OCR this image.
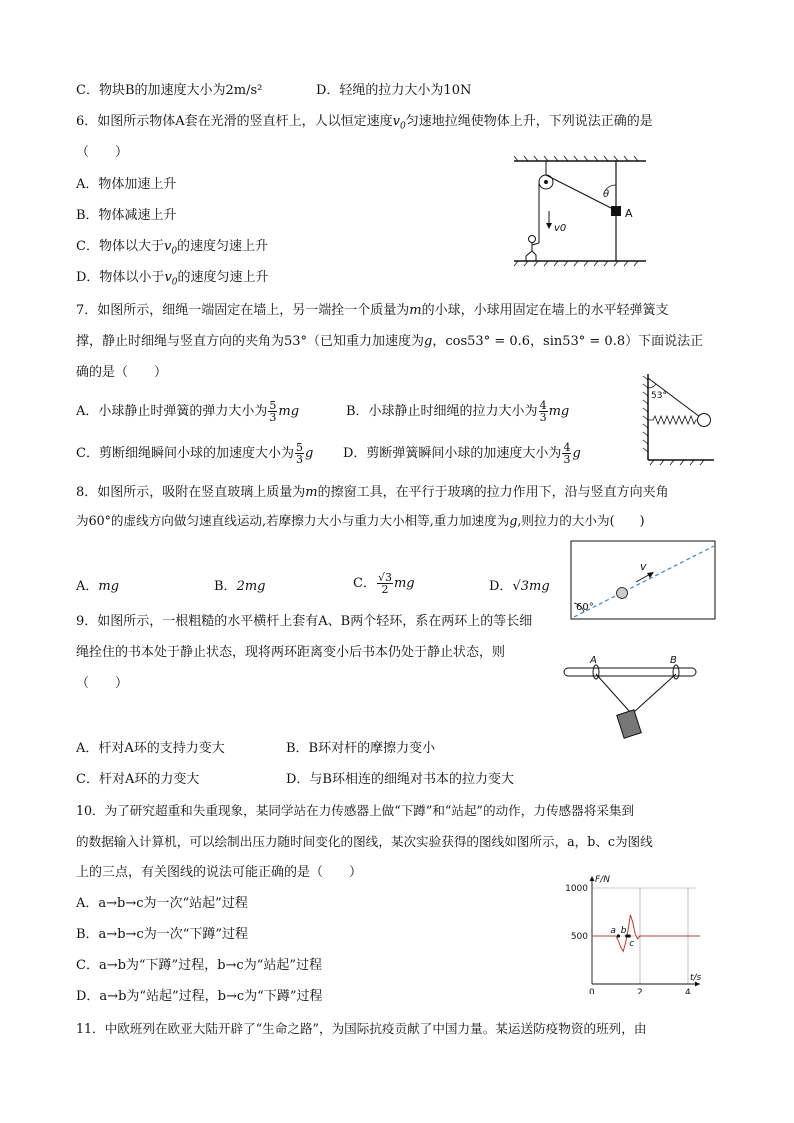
C．物块B的加速度大小为2m/s²	D．轻绳的拉力大小为10N
6．如图所示物体A套在光滑的竖直杆上，人以恒定速度$v_0$匀速地拉绳使物体上升，下列说法正确的是
（　　）
A．物体加速上升
B．物体减速上升
C．物体以大于$v_0$的速度匀速上升
D．物体以小于$v_0$的速度匀速上升
A
θ
v0
7．如图所示，细绳一端固定在墙上，另一端拴一个质量为m的小球，小球用固定在墙上的水平轻弹簧支
撑，静止时细绳与竖直方向的夹角为53°（已知重力加速度为g，cos53° = 0.6，sin53° = 0.8）下面说法正
确的是（　　）
A．小球静止时弹簧的弹力大小为 $\frac{5}{3}$ mg	B．小球静止时细绳的拉力大小为 $\frac{4}{3}$ mg
C．剪断细绳瞬间小球的加速度大小为 $\frac{5}{3}$ g D．剪断弹簧瞬间小球的加速度大小为 $\frac{4}{3}$ g
53°
8．如图所示，吸附在竖直玻璃上质量为m的擦窗工具，在平行于玻璃的拉力作用下，沿与竖直方向夹角
为60°的虚线方向做匀速直线运动,若摩擦力大小与重力大小相等,重力加速度为g,则拉力的大小为(　　)
A．mg	B．2mg	C． $\frac{√3}{2}$ mg	D．√3mg
v
60°
9．如图所示，一根粗糙的水平横杆上套有A、B两个轻环，系在两环上的等长细
绳拴住的书本处于静止状态，现将两环距离变小后书本仍处于静止状态，则
（　　）
A	B
A．杆对A环的支持力变大	B．B环对杆的摩擦力变小
C．杆对A环的力变大	D．与B环相连的细绳对书本的拉力变大
10．为了研究超重和失重现象，某同学站在力传感器上做“下蹲”和“站起”的动作，力传感器将采集到
的数据输入计算机，可以绘制出压力随时间变化的图线，某次实验获得的图线如图所示，a，b、c为图线
上的三点，有关图线的说法可能正确的是（　　）
A．a→b→c为一次“站起”过程
B．a→b→c为一次“下蹲”过程
C．a→b为“下蹲”过程，b→c为“站起”过程
D．a→b为“站起”过程，b→c为“下蹲”过程	0	2	4
500
1000
a b
c
F/N
t/s
11．中欧班列在欧亚大陆开辟了“生命之路”，为国际抗疫贡献了中国力量。某运送防疫物资的班列，由
